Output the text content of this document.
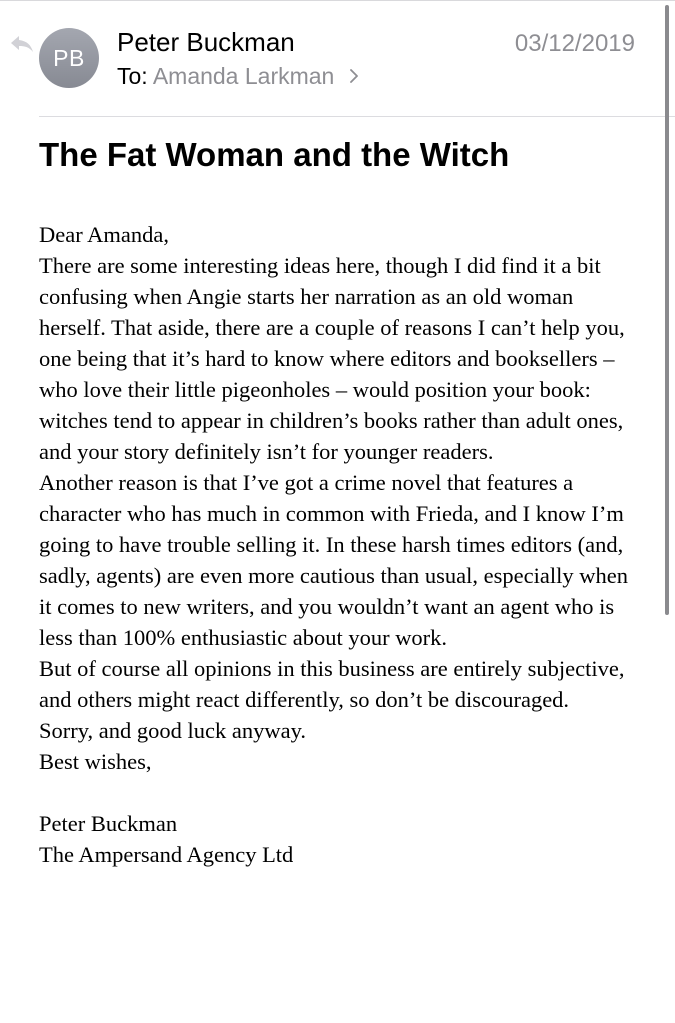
PB
Peter Buckman	03/12/2019
To: Amanda Larkman
The Fat Woman and the Witch

Dear Amanda,

There are some interesting ideas here, though I did find it a bit confusing when Angie starts her narration as an old woman herself. That aside, there are a couple of reasons I can’t help you, one being that it’s hard to know where editors and booksellers – who love their little pigeonholes – would position your book: witches tend to appear in children’s books rather than adult ones, and your story definitely isn’t for younger readers.

Another reason is that I’ve got a crime novel that features a character who has much in common with Frieda, and I know I’m going to have trouble selling it. In these harsh times editors (and, sadly, agents) are even more cautious than usual, especially when it comes to new writers, and you wouldn’t want an agent who is less than 100% enthusiastic about your work.

But of course all opinions in this business are entirely subjective, and others might react differently, so don’t be discouraged.

Sorry, and good luck anyway.

Best wishes,

Peter Buckman

The Ampersand Agency Ltd
